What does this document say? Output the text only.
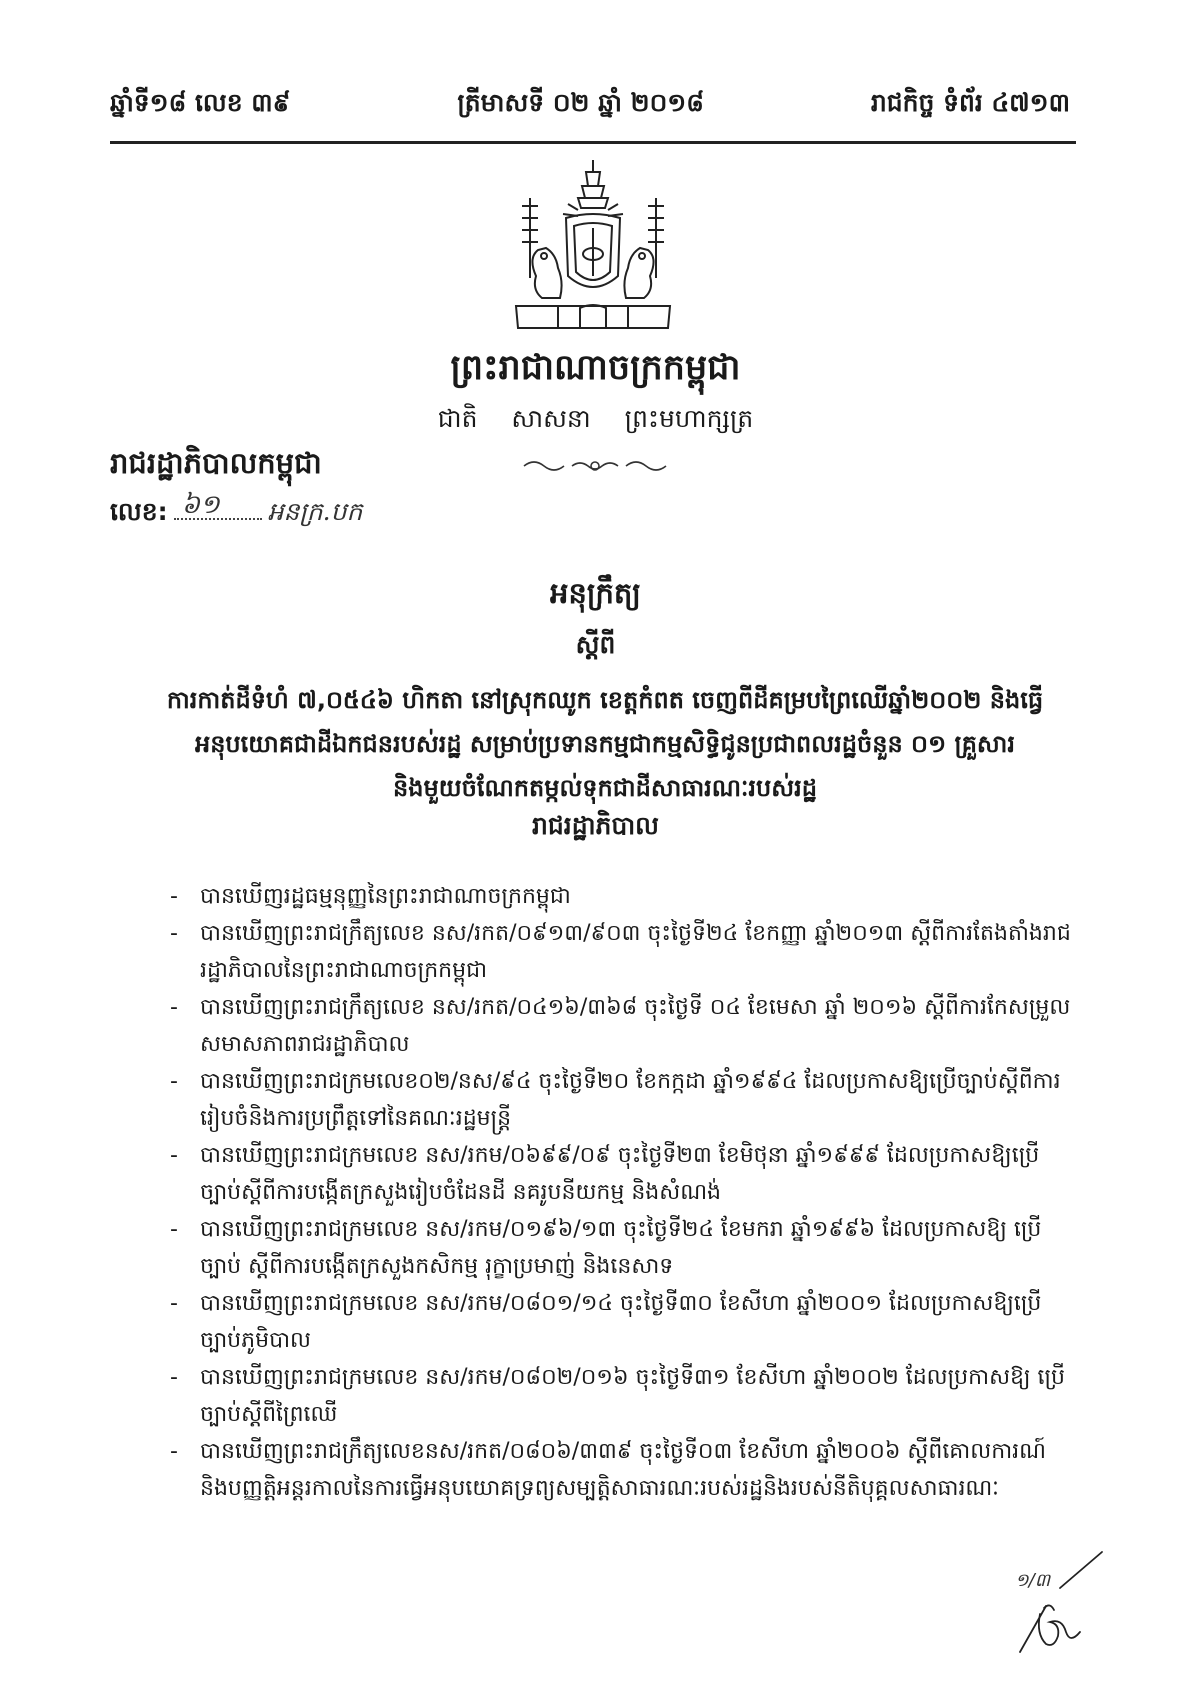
ឆ្នាំទី១៨ លេខ ៣៩	ត្រីមាសទី ០២ ឆ្នាំ ២០១៨	រាជកិច្ច ទំព័រ ៤៧១៣
ព្រះរាជាណាចក្រកម្ពុជា
ជាតិ សាសនា ព្រះមហាក្សត្រ
រាជរដ្ឋាភិបាលកម្ពុជា
លេខ: ៦១ អនក្រ.បក
អនុក្រឹត្យ
ស្តីពី
ការកាត់ដីទំហំ ៧,០៥៤៦ ហិកតា នៅស្រុកឈូក ខេត្តកំពត ចេញពីដីគម្របព្រៃឈើឆ្នាំ២០០២ និងធ្វើ
អនុបយោគជាដីឯកជនរបស់រដ្ឋ សម្រាប់ប្រទានកម្មជាកម្មសិទ្ធិជូនប្រជាពលរដ្ឋចំនួន ០១ គ្រួសារ
និងមួយចំណែកតម្កល់ទុកជាដីសាធារណៈរបស់រដ្ឋ
រាជរដ្ឋាភិបាល
- បានឃើញរដ្ឋធម្មនុញ្ញនៃព្រះរាជាណាចក្រកម្ពុជា
- បានឃើញព្រះរាជក្រឹត្យលេខ នស/រកត/០៩១៣/៩០៣ ចុះថ្ងៃទី២៤ ខែកញ្ញា ឆ្នាំ២០១៣ ស្តីពីការតែងតាំងរាជ
រដ្ឋាភិបាលនៃព្រះរាជាណាចក្រកម្ពុជា
- បានឃើញព្រះរាជក្រឹត្យលេខ នស/រកត/០៤១៦/៣៦៨ ចុះថ្ងៃទី ០៤ ខែមេសា ឆ្នាំ ២០១៦ ស្តីពីការកែសម្រួល
សមាសភាពរាជរដ្ឋាភិបាល
- បានឃើញព្រះរាជក្រមលេខ០២/នស/៩៤ ចុះថ្ងៃទី២០ ខែកក្កដា ឆ្នាំ១៩៩៤ ដែលប្រកាសឱ្យប្រើច្បាប់ស្តីពីការ
រៀបចំនិងការប្រព្រឹត្តទៅនៃគណៈរដ្ឋមន្ត្រី
- បានឃើញព្រះរាជក្រមលេខ នស/រកម/០៦៩៩/០៩ ចុះថ្ងៃទី២៣ ខែមិថុនា ឆ្នាំ១៩៩៩ ដែលប្រកាសឱ្យប្រើ
ច្បាប់ស្តីពីការបង្កើតក្រសួងរៀបចំដែនដី នគរូបនីយកម្ម និងសំណង់
- បានឃើញព្រះរាជក្រមលេខ នស/រកម/០១៩៦/១៣ ចុះថ្ងៃទី២៤ ខែមករា ឆ្នាំ១៩៩៦ ដែលប្រកាសឱ្យ ប្រើ
ច្បាប់ ស្តីពីការបង្កើតក្រសួងកសិកម្ម រុក្ខាប្រមាញ់ និងនេសាទ
- បានឃើញព្រះរាជក្រមលេខ នស/រកម/០៨០១/១៤ ចុះថ្ងៃទី៣០ ខែសីហា ឆ្នាំ២០០១ ដែលប្រកាសឱ្យប្រើ
ច្បាប់ភូមិបាល
- បានឃើញព្រះរាជក្រមលេខ នស/រកម/០៨០២/០១៦ ចុះថ្ងៃទី៣១ ខែសីហា ឆ្នាំ២០០២ ដែលប្រកាសឱ្យ ប្រើ
ច្បាប់ស្តីពីព្រៃឈើ
- បានឃើញព្រះរាជក្រឹត្យលេខនស/រកត/០៨០៦/៣៣៩ ចុះថ្ងៃទី០៣ ខែសីហា ឆ្នាំ២០០៦ ស្តីពីគោលការណ៍
និងបញ្ញត្តិអន្តរកាលនៃការធ្វើអនុបយោគទ្រព្យសម្បត្តិសាធារណៈរបស់រដ្ឋនិងរបស់នីតិបុគ្គលសាធារណៈ
១/៣
